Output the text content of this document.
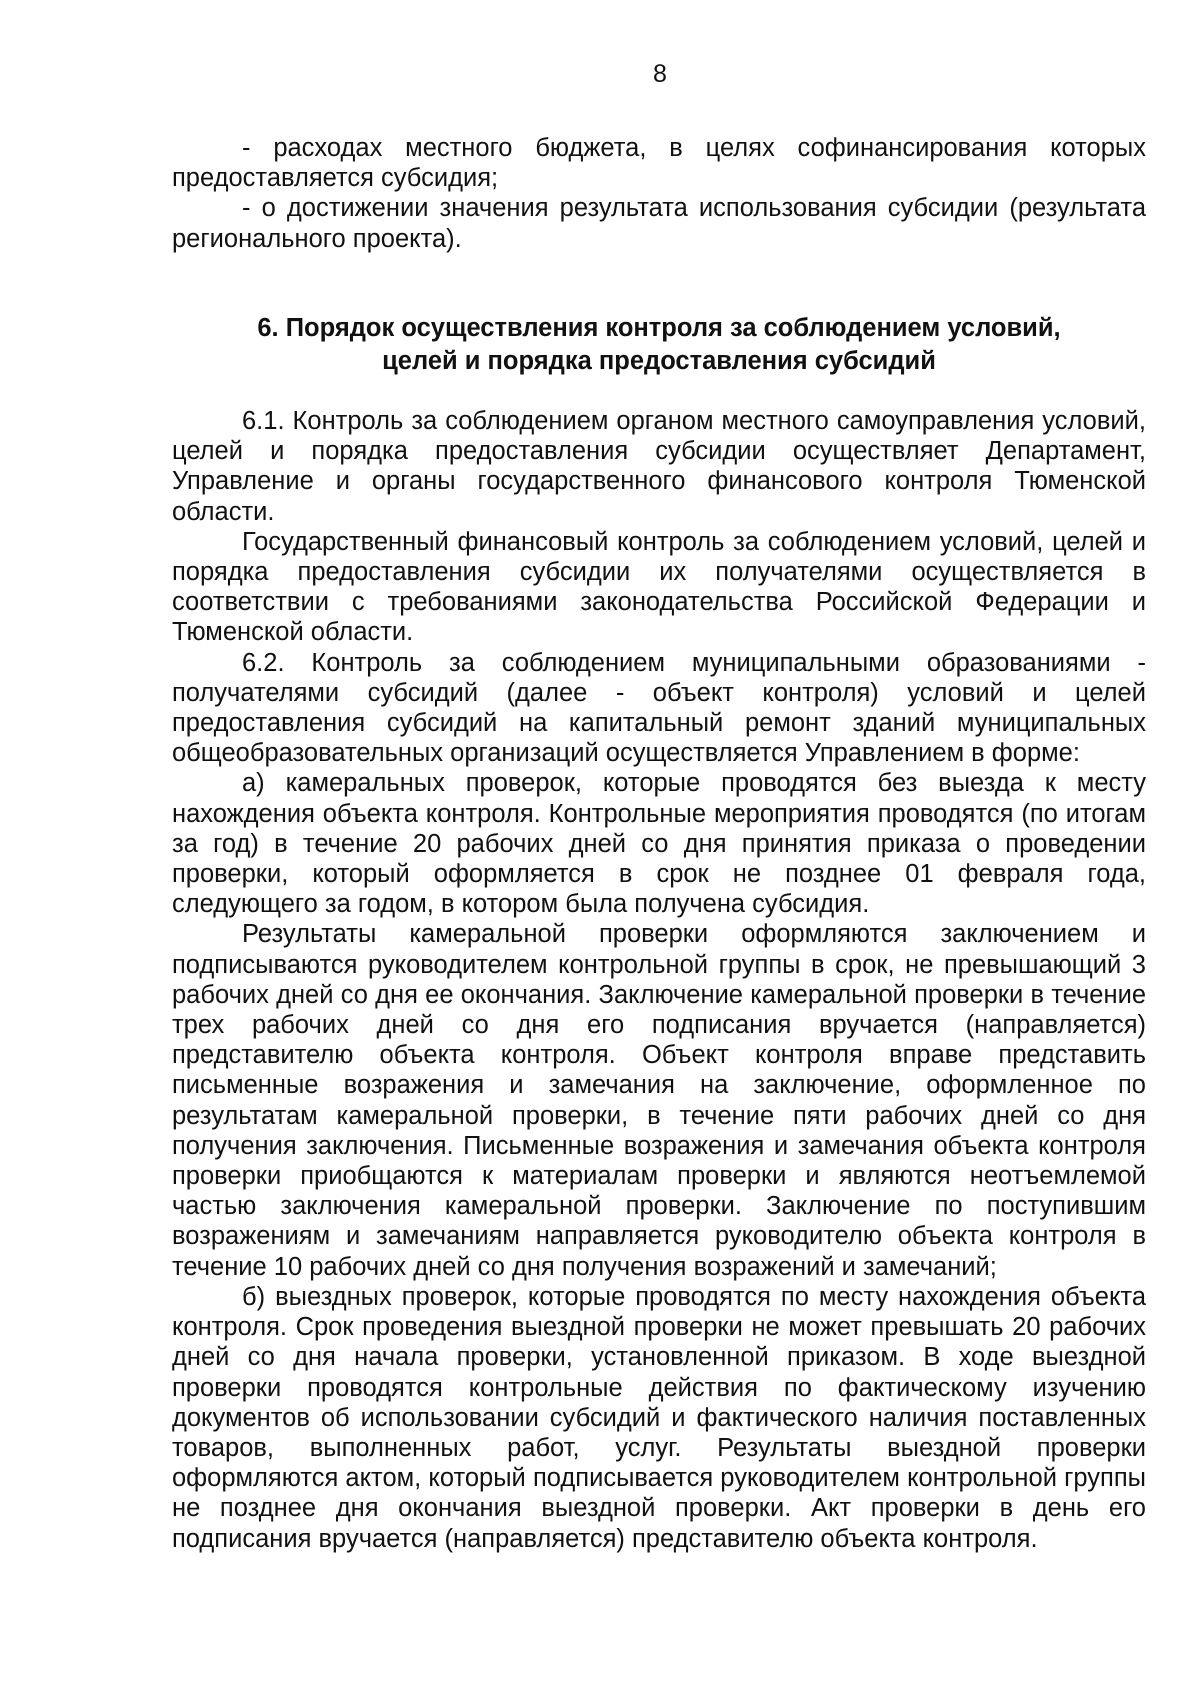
8

- расходах местного бюджета, в целях софинансирования которых предоставляется субсидия;

- о достижении значения результата использования субсидии (результата регионального проекта).

6. Порядок осуществления контроля за соблюдением условий,
целей и порядка предоставления субсидий

6.1. Контроль за соблюдением органом местного самоуправления условий, целей и порядка предоставления субсидии осуществляет Департамент, Управление и органы государственного финансового контроля Тюменской области.

Государственный финансовый контроль за соблюдением условий, целей и порядка предоставления субсидии их получателями осуществляется в соответствии с требованиями законодательства Российской Федерации и Тюменской области.

6.2. Контроль за соблюдением муниципальными образованиями - получателями субсидий (далее - объект контроля) условий и целей предоставления субсидий на капитальный ремонт зданий муниципальных общеобразовательных организаций осуществляется Управлением в форме:

а) камеральных проверок, которые проводятся без выезда к месту нахождения объекта контроля. Контрольные мероприятия проводятся (по итогам за год) в течение 20 рабочих дней со дня принятия приказа о проведении проверки, который оформляется в срок не позднее 01 февраля года, следующего за годом, в котором была получена субсидия.

Результаты камеральной проверки оформляются заключением и подписываются руководителем контрольной группы в срок, не превышающий 3 рабочих дней со дня ее окончания. Заключение камеральной проверки в течение трех рабочих дней со дня его подписания вручается (направляется) представителю объекта контроля. Объект контроля вправе представить письменные возражения и замечания на заключение, оформленное по результатам камеральной проверки, в течение пяти рабочих дней со дня получения заключения. Письменные возражения и замечания объекта контроля проверки приобщаются к материалам проверки и являются неотъемлемой частью заключения камеральной проверки. Заключение по поступившим возражениям и замечаниям направляется руководителю объекта контроля в течение 10 рабочих дней со дня получения возражений и замечаний;

б) выездных проверок, которые проводятся по месту нахождения объекта контроля. Срок проведения выездной проверки не может превышать 20 рабочих дней со дня начала проверки, установленной приказом. В ходе выездной проверки проводятся контрольные действия по фактическому изучению документов об использовании субсидий и фактического наличия поставленных товаров, выполненных работ, услуг. Результаты выездной проверки оформляются актом, который подписывается руководителем контрольной группы не позднее дня окончания выездной проверки. Акт проверки в день его подписания вручается (направляется) представителю объекта контроля.
